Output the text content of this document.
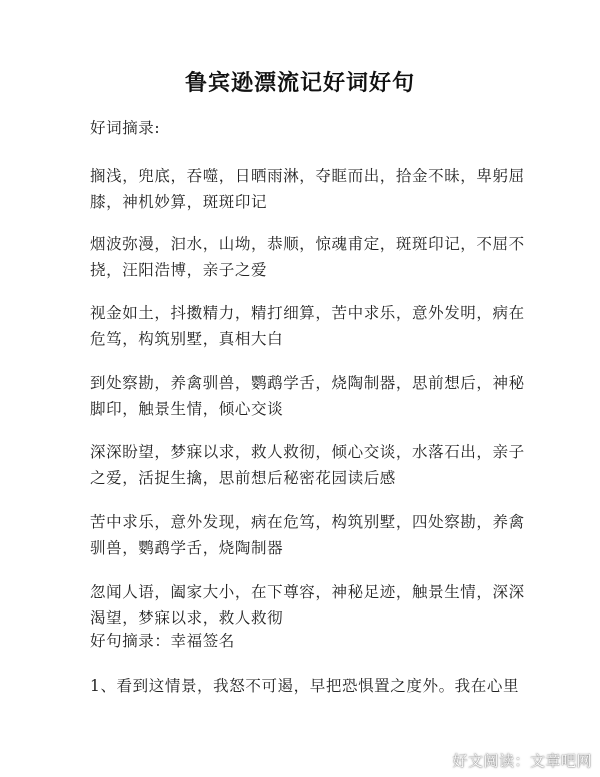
鲁宾逊漂流记好词好句
好词摘录:
搁浅，兜底，吞噬，日晒雨淋，夺眶而出，拾金不昧，卑躬屈
膝，神机妙算，斑斑印记
烟波弥漫，汩水，山坳，恭顺，惊魂甫定，斑斑印记，不屈不
挠，汪阳浩博，亲子之爱
视金如土，抖擞精力，精打细算，苦中求乐，意外发明，病在
危笃，构筑别墅，真相大白
到处察勘，养禽驯兽，鹦鹉学舌，烧陶制器，思前想后，神秘
脚印，触景生情，倾心交谈
深深盼望，梦寐以求，救人救彻，倾心交谈，水落石出，亲子
之爱，活捉生擒，思前想后秘密花园读后感
苦中求乐，意外发现，病在危笃，构筑别墅，四处察勘，养禽
驯兽，鹦鹉学舌，烧陶制器
忽闻人语，阖家大小，在下尊容，神秘足迹，触景生情，深深
渴望，梦寐以求，救人救彻
好句摘录：幸福签名
1、看到这情景，我怒不可遏，早把恐惧置之度外。我在心里
好文阅读：文章吧网
